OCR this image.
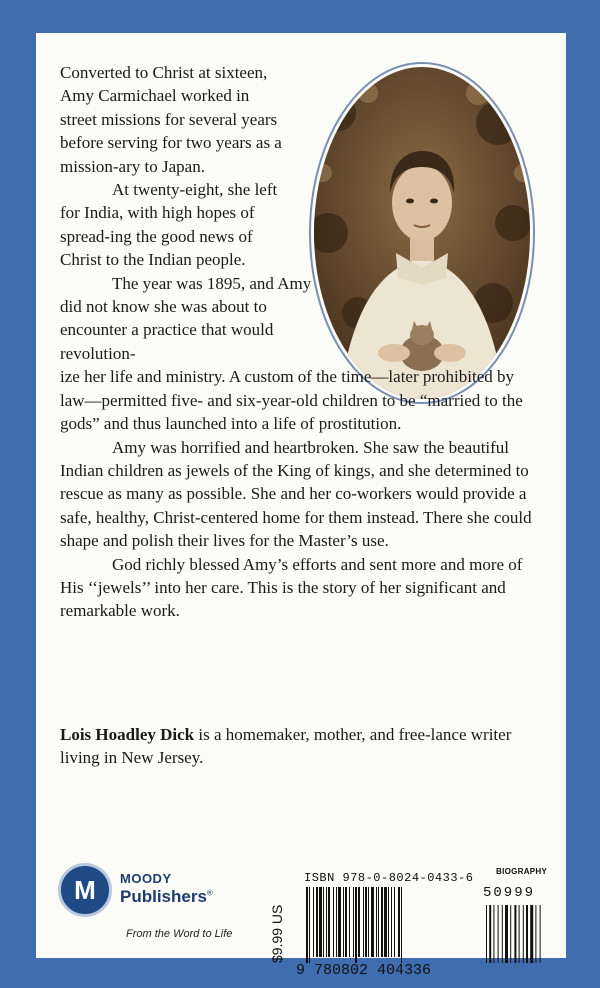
Converted to Christ at sixteen, Amy Carmichael worked in street missions for several years before serving for two years as a mission-ary to Japan.

At twenty-eight, she left for India, with high hopes of spread-ing the good news of Christ to the Indian people.

The year was 1895, and Amy did not know she was about to encounter a practice that would revolution-

ize her life and ministry. A custom of the time—later prohibited by law—permitted five- and six-year-old children to be “married to the gods” and thus launched into a life of prostitution.

Amy was horrified and heartbroken. She saw the beautiful Indian children as jewels of the King of kings, and she determined to rescue as many as possible. She and her co-workers would provide a safe, healthy, Christ-centered home for them instead. There she could shape and polish their lives for the Master’s use.

God richly blessed Amy’s efforts and sent more and more of His ‘‘jewels’’ into her care. This is the story of her significant and remarkable work.

Lois Hoadley Dick is a homemaker, mother, and free-lance writer living in New Jersey.
M	MOODY
Publishers®
From the Word to Life	$9.99 US
ISBN 978-0-8024-0433-6	BIOGRAPHY
50999
9 780802 404336
